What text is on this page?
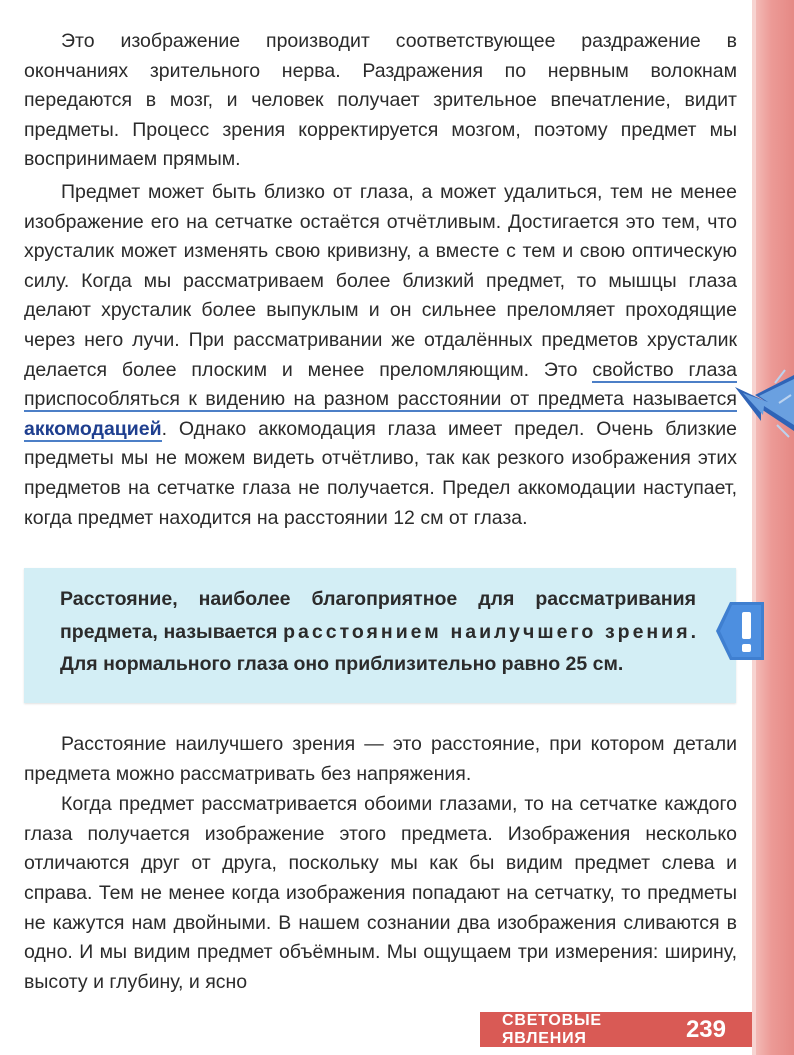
Это изображение производит соответствующее раздражение в окончаниях зрительного нерва. Раздражения по нервным волокнам передаются в мозг, и человек получает зрительное впечатление, видит предметы. Процесс зрения корректируется мозгом, поэтому предмет мы воспринимаем прямым.

Предмет может быть близко от глаза, а может удалиться, тем не менее изображение его на сетчатке остаётся отчётливым. Достигается это тем, что хрусталик может изменять свою кривизну, а вместе с тем и свою оптическую силу. Когда мы рассматриваем более близкий предмет, то мышцы глаза делают хрусталик более выпуклым и он сильнее преломляет проходящие через него лучи. При рассматривании же отдалённых предметов хрусталик делается более плоским и менее преломляющим. Это свойство глаза приспособляться к видению на разном расстоянии от предмета называется аккомодацией. Однако аккомодация глаза имеет предел. Очень близкие предметы мы не можем видеть отчётливо, так как резкого изображения этих предметов на сетчатке глаза не получается. Предел аккомодации наступает, когда предмет находится на расстоянии 12 см от глаза.

Расстояние, наиболее благоприятное для рассматривания предмета, называется расстоянием наилучшего зрения. Для нормального глаза оно приблизительно равно 25 см.

Расстояние наилучшего зрения — это расстояние, при котором детали предмета можно рассматривать без напряжения.

Когда предмет рассматривается обоими глазами, то на сетчатке каждого глаза получается изображение этого предмета. Изображения несколько отличаются друг от друга, поскольку мы как бы видим предмет слева и справа. Тем не менее когда изображения попадают на сетчатку, то предметы не кажутся нам двойными. В нашем сознании два изображения сливаются в одно. И мы видим предмет объёмным. Мы ощущаем три измерения: ширину, высоту и глубину, и ясно

СВЕТОВЫЕ ЯВЛЕНИЯ	239
